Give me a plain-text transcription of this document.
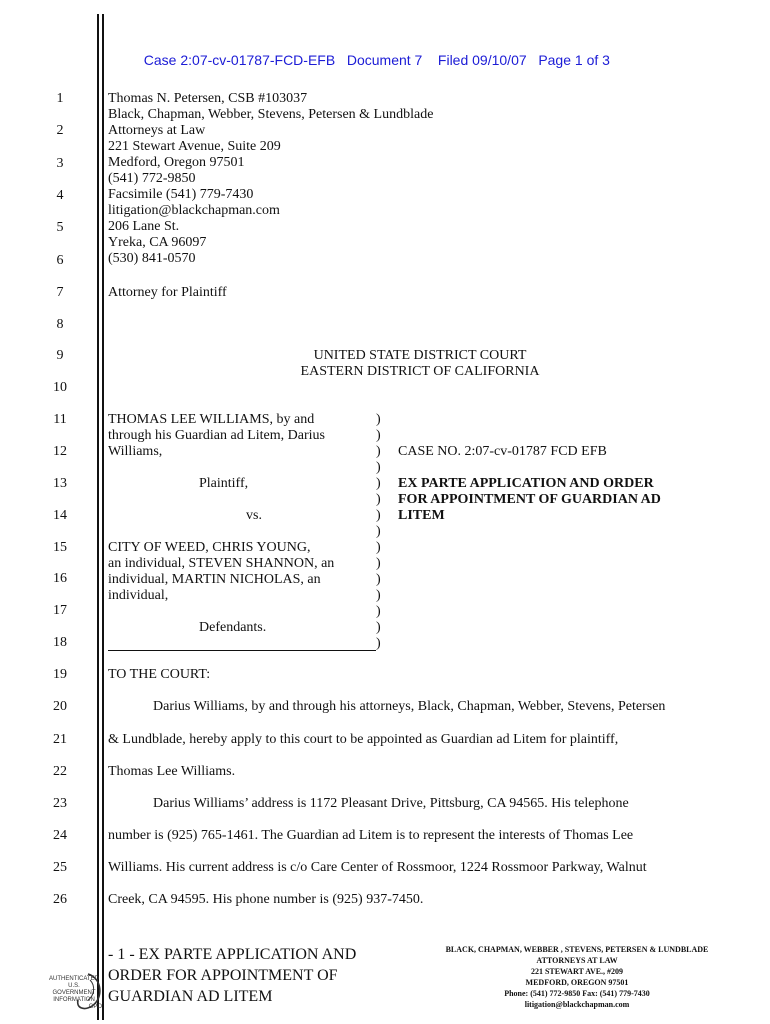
Case 2:07-cv-01787-FCD-EFB Document 7 Filed 09/10/07 Page 1 of 3

1
2
3
4
5
6
7
8
9
10
11
12
13
14
15
16
17
18
19
20
21
22
23
24
25
26
Thomas N. Petersen, CSB #103037
Black, Chapman, Webber, Stevens, Petersen & Lundblade
Attorneys at Law
221 Stewart Avenue, Suite 209
Medford, Oregon 97501
(541) 772-9850
Facsimile (541) 779-7430
litigation@blackchapman.com
206 Lane St.
Yreka, CA 96097
(530) 841-0570
Attorney for Plaintiff
UNITED STATE DISTRICT COURT
EASTERN DISTRICT OF CALIFORNIA
THOMAS LEE WILLIAMS, by and
through his Guardian ad Litem, Darius
Williams,
Plaintiff,
vs.
CITY OF WEED, CHRIS YOUNG,
an individual, STEVEN SHANNON, an
individual, MARTIN NICHOLAS, an
individual,
Defendants.
)
)
)
)
)
)
)
)
)
)
)
)
)
)
)
CASE NO. 2:07-cv-01787 FCD EFB
EX PARTE APPLICATION AND ORDER
FOR APPOINTMENT OF GUARDIAN AD
LITEM
TO THE COURT:
Darius Williams, by and through his attorneys, Black, Chapman, Webber, Stevens, Petersen
& Lundblade, hereby apply to this court to be appointed as Guardian ad Litem for plaintiff,
Thomas Lee Williams.
Darius Williams’ address is 1172 Pleasant Drive, Pittsburg, CA 94565. His telephone
number is (925) 765-1461. The Guardian ad Litem is to represent the interests of Thomas Lee
Williams. His current address is c/o Care Center of Rossmoor, 1224 Rossmoor Parkway, Walnut
Creek, CA 94595. His phone number is (925) 937-7450.
- 1 - EX PARTE APPLICATION AND
ORDER FOR APPOINTMENT OF
GUARDIAN AD LITEM
BLACK, CHAPMAN, WEBBER , STEVENS, PETERSEN & LUNDBLADE
ATTORNEYS AT LAW
221 STEWART AVE., #209
MEDFORD, OREGON 97501
Phone: (541) 772-9850 Fax: (541) 779-7430
litigation@blackchapman.com
AUTHENTICATED
U.S. GOVERNMENT
INFORMATION
GPO
